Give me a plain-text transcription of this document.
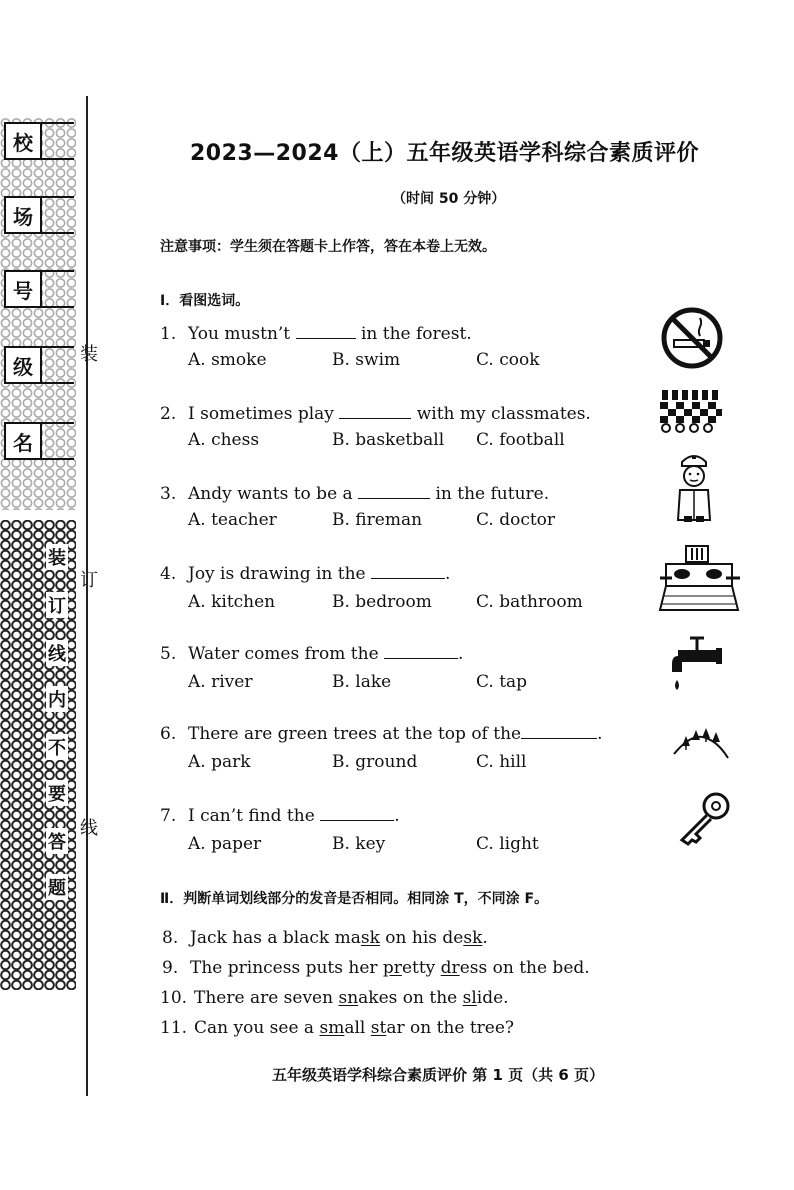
校
场
号
级
名
装
订
线
内
不
要
答
题
装
订
线
2023—2024（上）五年级英语学科综合素质评价
（时间 50 分钟）
注意事项：学生须在答题卡上作答，答在本卷上无效。
I．看图选词。
1. You mustn’t	in the forest.
A. smoke	B. swim	C. cook
2. I sometimes play	with my classmates.
A. chess	B. basketball C. football
3. Andy wants to be a	in the future.
A. teacher	B. fireman	C. doctor
4. Joy is drawing in the	.
A. kitchen	B. bedroom	C. bathroom
5. Water comes from the	.
A. river	B. lake	C. tap
6. There are green trees at the top of the	.
A. park	B. ground	C. hill
7. I can’t find the	.
A. paper	B. key	C. light
Ⅱ．判断单词划线部分的发音是否相同。相同涂 T，不同涂 F。
8. Jack has a black mask on his desk.
9. The princess puts her pretty dress on the bed.
10. There are seven snakes on the slide.
11. Can you see a small star on the tree?
五年级英语学科综合素质评价 第 1 页（共 6 页）
